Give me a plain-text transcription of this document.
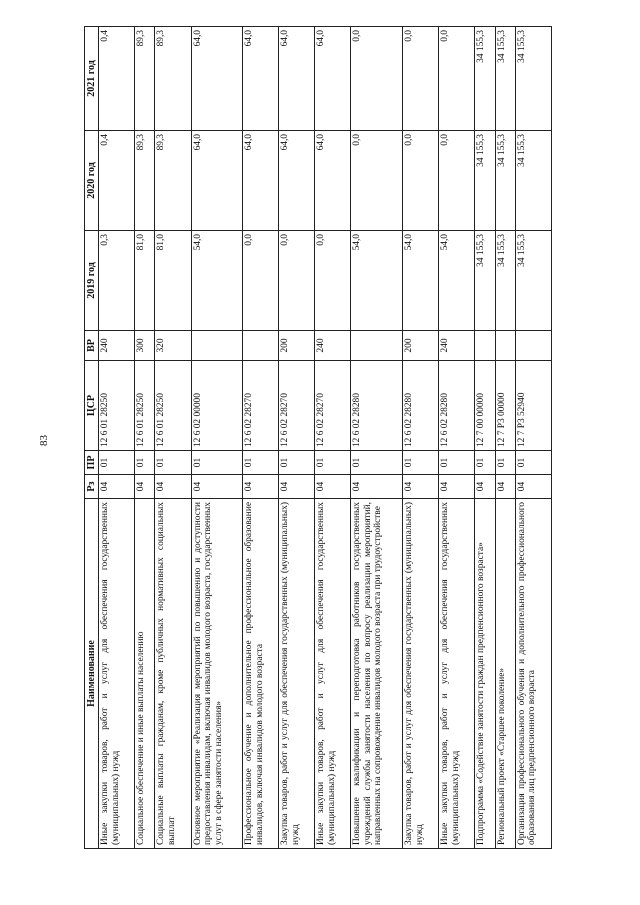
83
Наименование	Рз	ПР	ЦСР	ВР	2019 год	2020 год	2021 год
Иные закупки товаров, работ и услуг для обеспечения государственных (муниципальных) нужд	04	01	12 6 01 28250	240	0,3	0,4	0,4
Социальное обеспечение и иные выплаты населению	04	01	12 6 01 28250	300	81,0	89,3	89,3
Социальные выплаты гражданам, кроме публичных нормативных социальных выплат	04	01	12 6 01 28250	320	81,0	89,3	89,3
Основное мероприятие «Реализация мероприятий по повышению и доступности предоставления инвалидам, включая инвалидов молодого возраста, государственных услуг в сфере занятости населения»	04	01	12 6 02 00000		54,0	64,0	64,0
Профессиональное обучение и дополнительное профессиональное образование инвалидов, включая инвалидов молодого возраста	04	01	12 6 02 28270		0,0	64,0	64,0
Закупка товаров, работ и услуг для обеспечения государственных (муниципальных) нужд	04	01	12 6 02 28270	200	0,0	64,0	64,0
Иные закупки товаров, работ и услуг для обеспечения государственных (муниципальных) нужд	04	01	12 6 02 28270	240	0,0	64,0	64,0
Повышение квалификации и переподготовка работников государственных учреждений службы занятости населения по вопросу реализации мероприятий, направленных на сопровождение инвалидов молодого возраста при трудоустройстве	04	01	12 6 02 28280		54,0	0,0	0,0
Закупка товаров, работ и услуг для обеспечения государственных (муниципальных) нужд	04	01	12 6 02 28280	200	54,0	0,0	0,0
Иные закупки товаров, работ и услуг для обеспечения государственных (муниципальных) нужд	04	01	12 6 02 28280	240	54,0	0,0	0,0
Подпрограмма «Содействие занятости граждан предпенсионного возраста»	04	01	12 7 00 00000		34 155,3	34 155,3	34 155,3
Региональный проект «Старшее поколение»	04	01	12 7 P3 00000		34 155,3	34 155,3	34 155,3
Организация профессионального обучения и дополнительного профессионального образования лиц предпенсионного возраста	04	01	12 7 P3 52940		34 155,3	34 155,3	34 155,3
